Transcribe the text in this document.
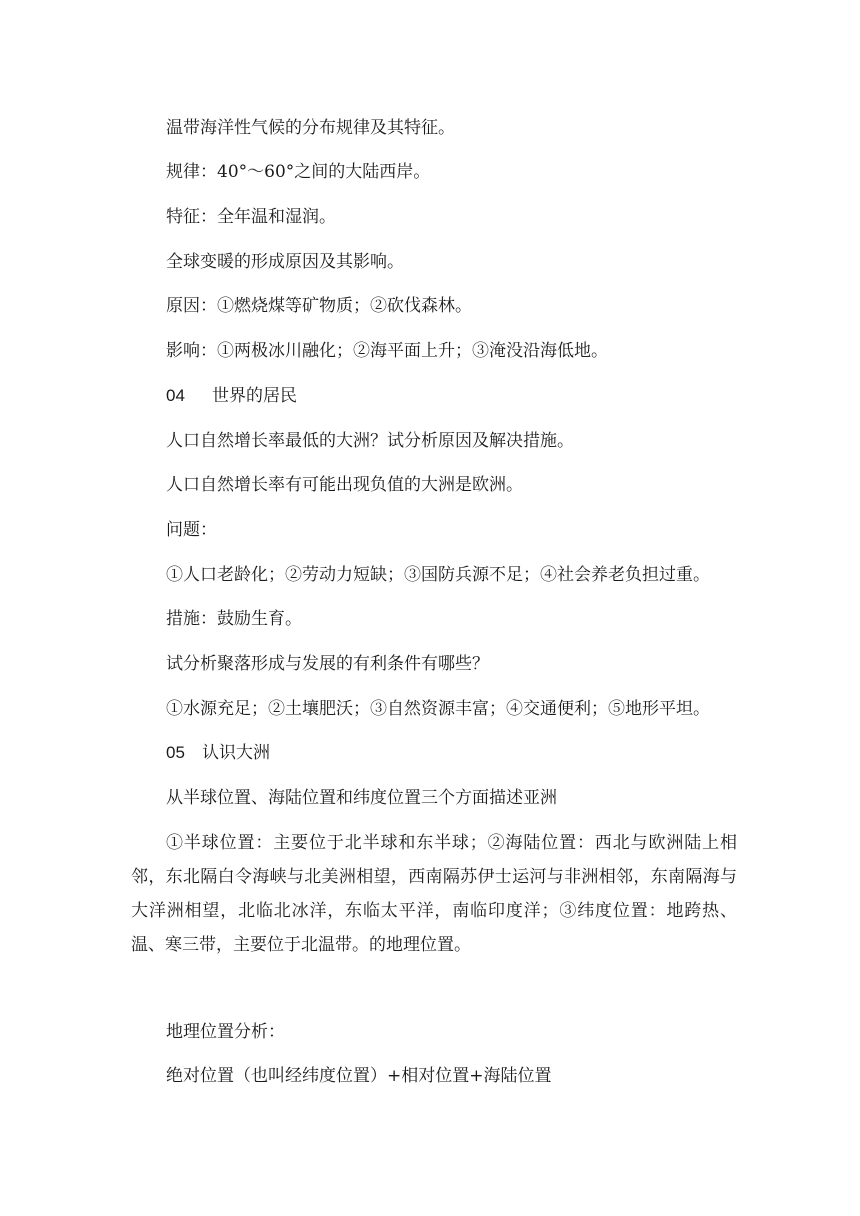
温带海洋性气候的分布规律及其特征。
规律：40°～60°之间的大陆西岸。
特征：全年温和湿润。
全球变暖的形成原因及其影响。
原因：①燃烧煤等矿物质；②砍伐森林。
影响：①两极冰川融化；②海平面上升；③淹没沿海低地。
04 世界的居民
人口自然增长率最低的大洲？试分析原因及解决措施。
人口自然增长率有可能出现负值的大洲是欧洲。
问题：
①人口老龄化；②劳动力短缺；③国防兵源不足；④社会养老负担过重。
措施：鼓励生育。
试分析聚落形成与发展的有利条件有哪些？
①水源充足；②土壤肥沃；③自然资源丰富；④交通便利；⑤地形平坦。
05 认识大洲
从半球位置、海陆位置和纬度位置三个方面描述亚洲
①半球位置：主要位于北半球和东半球；②海陆位置：西北与欧洲陆上相邻，东北隔白令海峡与北美洲相望，西南隔苏伊士运河与非洲相邻，东南隔海与大洋洲相望，北临北冰洋，东临太平洋，南临印度洋；③纬度位置：地跨热、温、寒三带，主要位于北温带。的地理位置。
地理位置分析：
绝对位置（也叫经纬度位置）+相对位置+海陆位置
